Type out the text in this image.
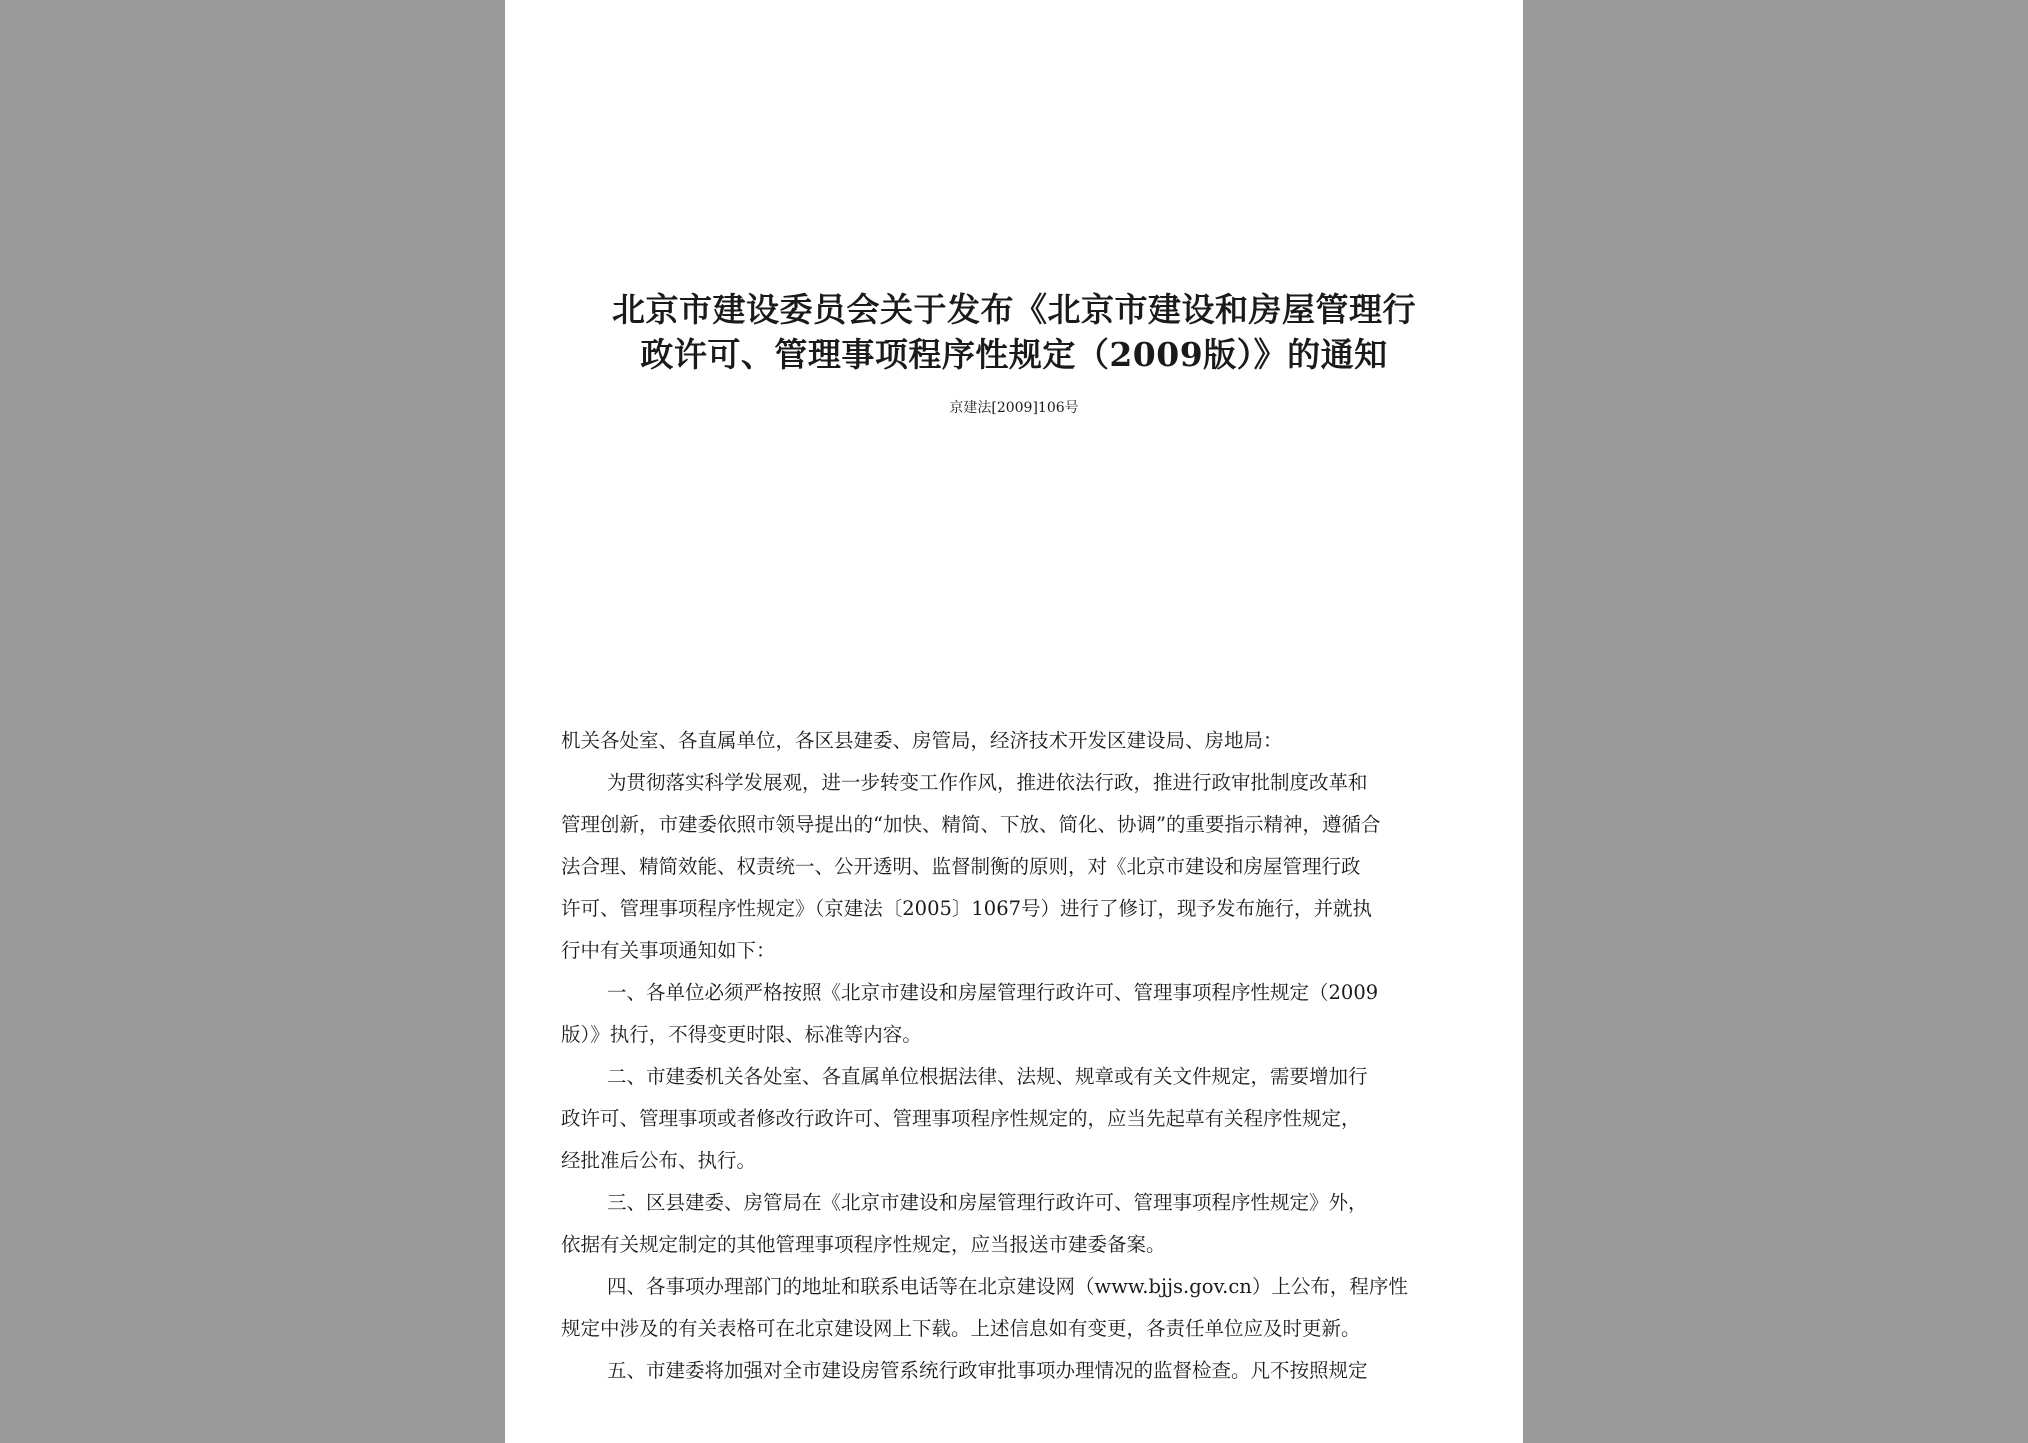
北京市建设委员会关于发布《北京市建设和房屋管理行
政许可、管理事项程序性规定（2009版）》的通知
京建法[2009]106号
机关各处室、各直属单位，各区县建委、房管局，经济技术开发区建设局、房地局：
为贯彻落实科学发展观，进一步转变工作作风，推进依法行政，推进行政审批制度改革和
管理创新，市建委依照市领导提出的“加快、精简、下放、简化、协调”的重要指示精神，遵循合
法合理、精简效能、权责统一、公开透明、监督制衡的原则，对《北京市建设和房屋管理行政
许可、管理事项程序性规定》（京建法〔2005〕1067号）进行了修订，现予发布施行，并就执
行中有关事项通知如下：
一、各单位必须严格按照《北京市建设和房屋管理行政许可、管理事项程序性规定（2009
版）》执行，不得变更时限、标准等内容。
二、市建委机关各处室、各直属单位根据法律、法规、规章或有关文件规定，需要增加行
政许可、管理事项或者修改行政许可、管理事项程序性规定的，应当先起草有关程序性规定，
经批准后公布、执行。
三、区县建委、房管局在《北京市建设和房屋管理行政许可、管理事项程序性规定》外，
依据有关规定制定的其他管理事项程序性规定，应当报送市建委备案。
四、各事项办理部门的地址和联系电话等在北京建设网（www.bjjs.gov.cn）上公布，程序性
规定中涉及的有关表格可在北京建设网上下载。上述信息如有变更，各责任单位应及时更新。
五、市建委将加强对全市建设房管系统行政审批事项办理情况的监督检查。凡不按照规定
